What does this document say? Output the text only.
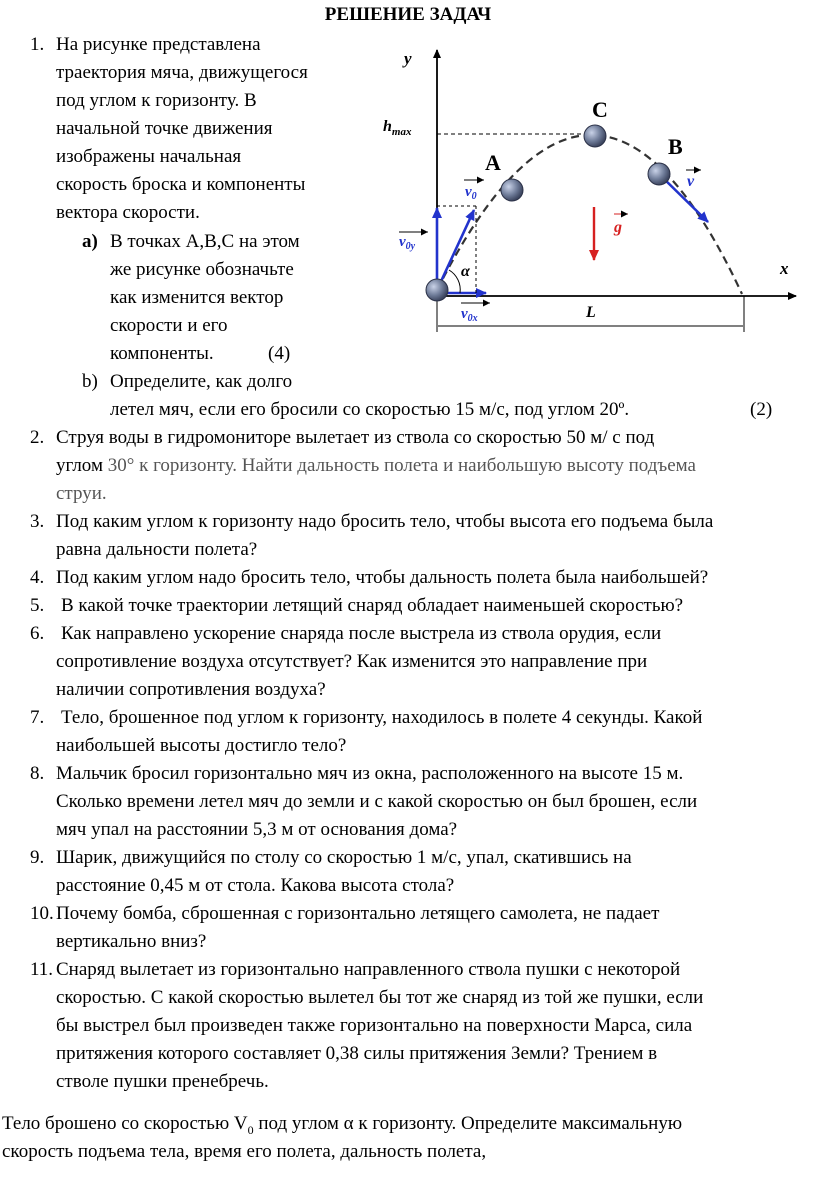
РЕШЕНИЕ ЗАДАЧ
1. На рисунке представлена
траектория мяча, движущегося
под углом к горизонту. В
начальной точке движения
изображены начальная
скорость броска и компоненты
вектора скорости.
а) В точках А,В,С на этом
же рисунке обозначьте
как изменится вектор
скорости и его
компоненты.	(4)
b) Определите, как долго
летел мяч, если его бросили со скоростью 15 м/с, под углом 20º.	(2)
y
x
$h_{max}$
L
α
$v_0$
$v_{0y}$
$v_{0x}$
g
v
A
C
B
2. Струя воды в гидромониторе вылетает из ствола со скоростью 50 м/ с под
углом 30° к горизонту. Найти дальность полета и наибольшую высоту подъема
струи.
3. Под каким углом к горизонту надо бросить тело, чтобы высота его подъема была
равна дальности полета?
4. Под каким углом надо бросить тело, чтобы дальность полета была наибольшей?
5. В какой точке траектории летящий снаряд обладает наименьшей скоростью?
6. Как направлено ускорение снаряда после выстрела из ствола орудия, если
сопротивление воздуха отсутствует? Как изменится это направление при
наличии сопротивления воздуха?
7. Тело, брошенное под углом к горизонту, находилось в полете 4 секунды. Какой
наибольшей высоты достигло тело?
8. Мальчик бросил горизонтально мяч из окна, расположенного на высоте 15 м.
Сколько времени летел мяч до земли и с какой скоростью он был брошен, если
мяч упал на расстоянии 5,3 м от основания дома?
9. Шарик, движущийся по столу со скоростью 1 м/с, упал, скатившись на
расстояние 0,45 м от стола. Какова высота стола?
10. Почему бомба, сброшенная с горизонтально летящего самолета, не падает
вертикально вниз?
11. Снаряд вылетает из горизонтально направленного ствола пушки с некоторой
скоростью. С какой скоростью вылетел бы тот же снаряд из той же пушки, если
бы выстрел был произведен также горизонтально на поверхности Марса, сила
притяжения которого составляет 0,38 силы притяжения Земли? Трением в
стволе пушки пренебречь.
Тело брошено со скоростью $V_0$ под углом α к горизонту. Определите максимальную
скорость подъема тела, время его полета, дальность полета,
